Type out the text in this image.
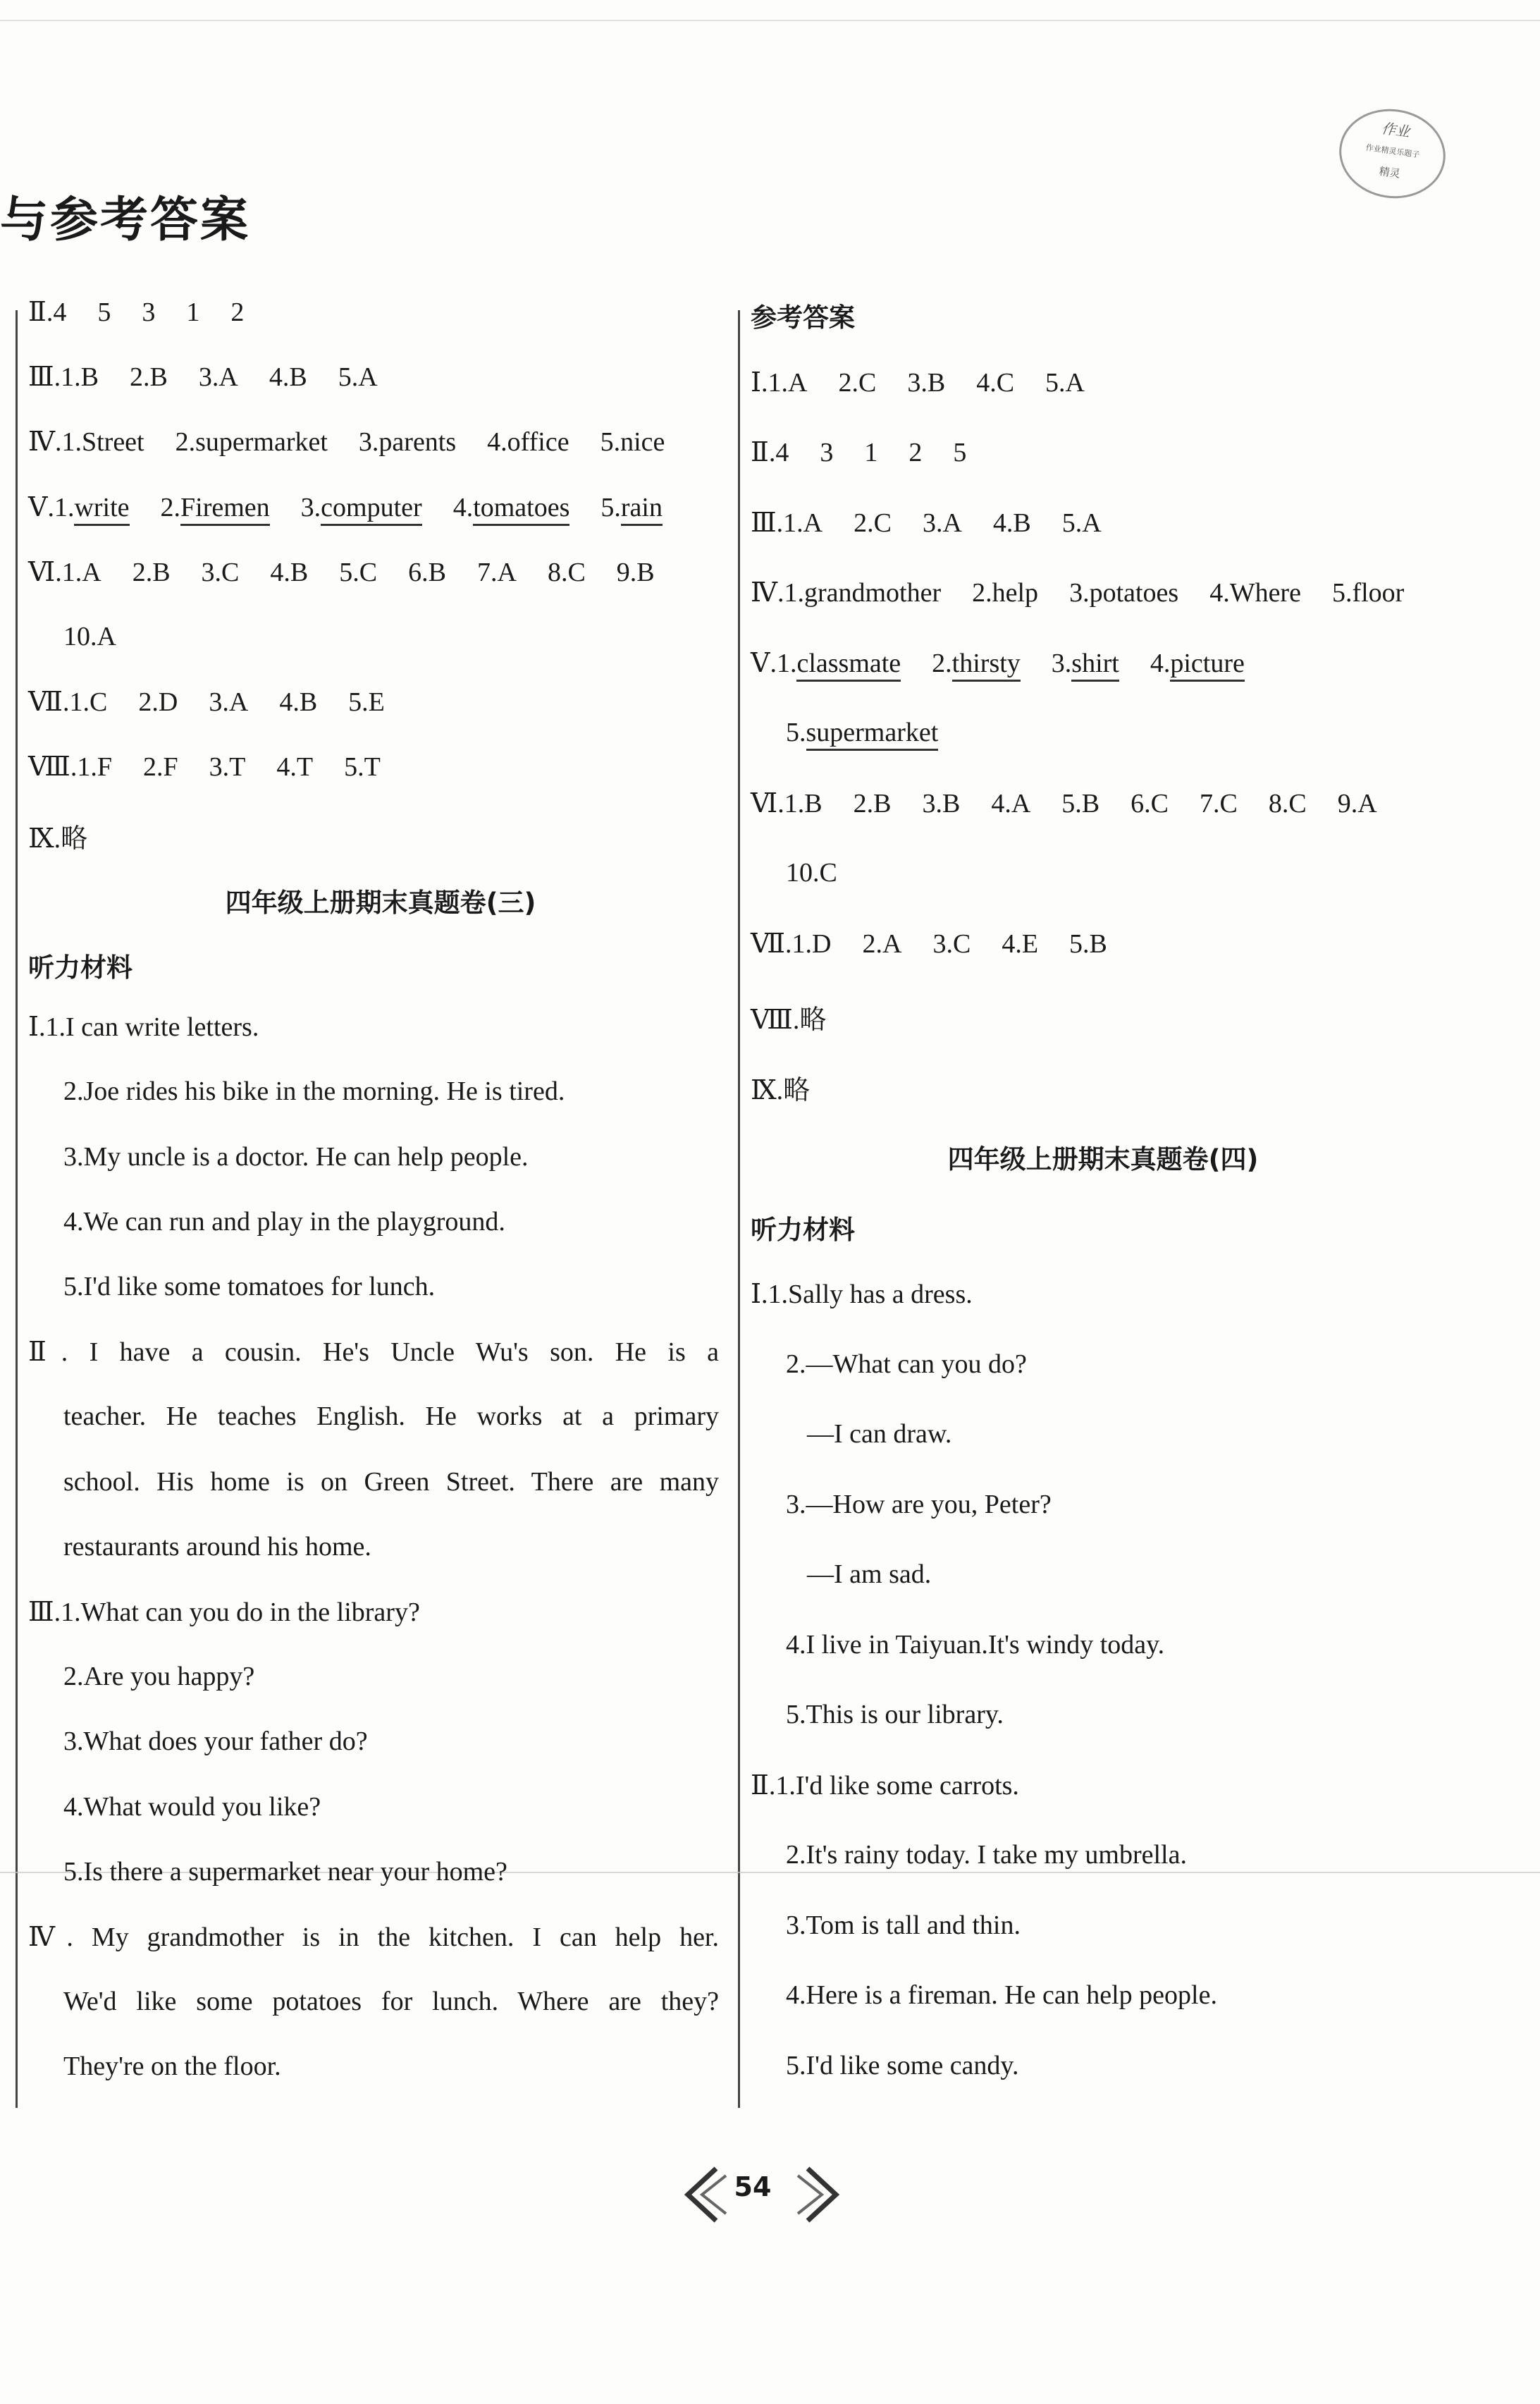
与参考答案
作业
作业精灵乐题子
精灵
Ⅱ.4 5 3 1 2
Ⅲ.1.B 2.B 3.A 4.B 5.A
Ⅳ.1.Street 2.supermarket 3.parents 4.office 5.nice
Ⅴ.1.write 2.Firemen 3.computer 4.tomatoes 5.rain
Ⅵ.1.A 2.B 3.C 4.B 5.C 6.B 7.A 8.C 9.B
10.A
Ⅶ.1.C 2.D 3.A 4.B 5.E
Ⅷ.1.F 2.F 3.T 4.T 5.T
Ⅸ.略
四年级上册期末真题卷(三)
听力材料
Ⅰ.1.I can write letters.
2.Joe rides his bike in the morning. He is tired.
3.My uncle is a doctor. He can help people.
4.We can run and play in the playground.
5.I'd like some tomatoes for lunch.
Ⅱ. I have a cousin. He's Uncle Wu's son. He is a
teacher. He teaches English. He works at a primary
school. His home is on Green Street. There are many
restaurants around his home.
Ⅲ.1.What can you do in the library?
2.Are you happy?
3.What does your father do?
4.What would you like?
5.Is there a supermarket near your home?
Ⅳ. My grandmother is in the kitchen. I can help her.
We'd like some potatoes for lunch. Where are they?
They're on the floor.
参考答案
Ⅰ.1.A 2.C 3.B 4.C 5.A
Ⅱ.4 3 1 2 5
Ⅲ.1.A 2.C 3.A 4.B 5.A
Ⅳ.1.grandmother 2.help 3.potatoes 4.Where 5.floor
Ⅴ.1.classmate 2.thirsty 3.shirt 4.picture
5.supermarket
Ⅵ.1.B 2.B 3.B 4.A 5.B 6.C 7.C 8.C 9.A
10.C
Ⅶ.1.D 2.A 3.C 4.E 5.B
Ⅷ.略
Ⅸ.略
四年级上册期末真题卷(四)
听力材料
Ⅰ.1.Sally has a dress.
2.—What can you do?
—I can draw.
3.—How are you, Peter?
—I am sad.
4.I live in Taiyuan.It's windy today.
5.This is our library.
Ⅱ.1.I'd like some carrots.
2.It's rainy today. I take my umbrella.
3.Tom is tall and thin.
4.Here is a fireman. He can help people.
5.I'd like some candy.
54
